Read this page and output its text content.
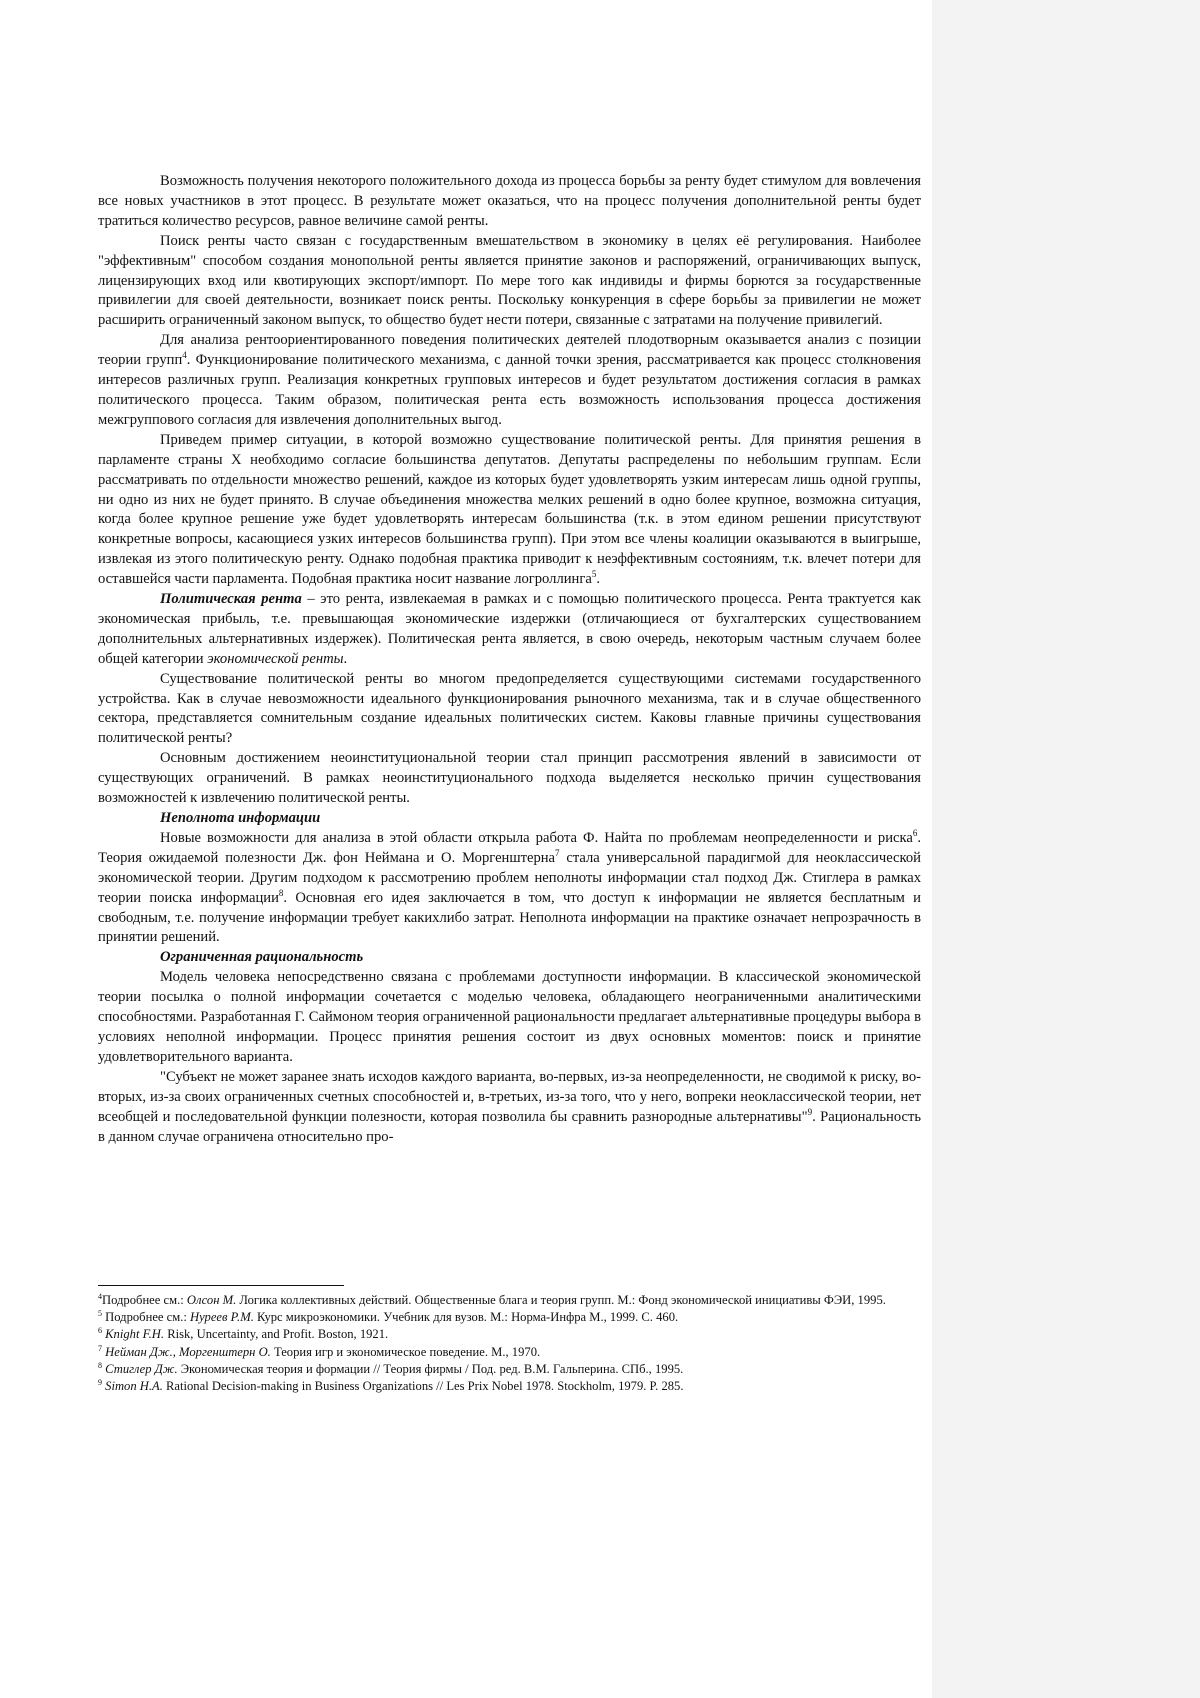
Возможность получения некоторого положительного дохода из процесса борьбы за ренту будет стимулом для вовлечения все новых участников в этот процесс. В результате может оказаться, что на процесс получения дополнительной ренты будет тратиться количество ресурсов, равное величине самой ренты.

Поиск ренты часто связан с государственным вмешательством в экономику в целях её регулирования. Наиболее "эффективным" способом создания монопольной ренты является принятие законов и распоряжений, ограничивающих выпуск, лицензирующих вход или квотирующих экспорт/импорт. По мере того как индивиды и фирмы борются за государственные привилегии для своей деятельности, возникает поиск ренты. Поскольку конкуренция в сфере борьбы за привилегии не может расширить ограниченный законом выпуск, то общество будет нести потери, связанные с затратами на получение привилегий.

Для анализа рентоориентированного поведения политических деятелей плодотворным оказывается анализ с позиции теории групп$^4$. Функционирование политического механизма, с данной точки зрения, рассматривается как процесс столкновения интересов различных групп. Реализация конкретных групповых интересов и будет результатом достижения согласия в рамках политического процесса. Таким образом, политическая рента есть возможность использования процесса достижения межгруппового согласия для извлечения дополнительных выгод.

Приведем пример ситуации, в которой возможно существование политической ренты. Для принятия решения в парламенте страны Х необходимо согласие большинства депутатов. Депутаты распределены по небольшим группам. Если рассматривать по отдельности множество решений, каждое из которых будет удовлетворять узким интересам лишь одной группы, ни одно из них не будет принято. В случае объединения множества мелких решений в одно более крупное, возможна ситуация, когда более крупное решение уже будет удовлетворять интересам большинства (т.к. в этом едином решении присутствуют конкретные вопросы, касающиеся узких интересов большинства групп). При этом все члены коалиции оказываются в выигрыше, извлекая из этого политическую ренту. Однако подобная практика приводит к неэффективным состояниям, т.к. влечет потери для оставшейся части парламента. Подобная практика носит название логроллинга$^5$.

Политическая рента – это рента, извлекаемая в рамках и с помощью политического процесса. Рента трактуется как экономическая прибыль, т.е. превышающая экономические издержки (отличающиеся от бухгалтерских существованием дополнительных альтернативных издержек). Политическая рента является, в свою очередь, некоторым частным случаем более общей категории экономической ренты.

Существование политической ренты во многом предопределяется существующими системами государственного устройства. Как в случае невозможности идеального функционирования рыночного механизма, так и в случае общественного сектора, представляется сомнительным создание идеальных политических систем. Каковы главные причины существования политической ренты?

Основным достижением неоинституциональной теории стал принцип рассмотрения явлений в зависимости от существующих ограничений. В рамках неоинституционального подхода выделяется несколько причин существования возможностей к извлечению политической ренты.

Неполнота информации

Новые возможности для анализа в этой области открыла работа Ф. Найта по проблемам неопределенности и риска$^6$. Теория ожидаемой полезности Дж. фон Неймана и О. Моргенштерна$^7$ стала универсальной парадигмой для неоклассической экономической теории. Другим подходом к рассмотрению проблем неполноты информации стал подход Дж. Стиглера в рамках теории поиска информации$^8$. Основная его идея заключается в том, что доступ к информации не является бесплатным и свободным, т.е. получение информации требует какихлибо затрат. Неполнота информации на практике означает непрозрачность в принятии решений.

Ограниченная рациональность

Модель человека непосредственно связана с проблемами доступности информации. В классической экономической теории посылка о полной информации сочетается с моделью человека, обладающего неограниченными аналитическими способностями. Разработанная Г. Саймоном теория ограниченной рациональности предлагает альтернативные процедуры выбора в условиях неполной информации. Процесс принятия решения состоит из двух основных моментов: поиск и принятие удовлетворительного варианта.

"Субъект не может заранее знать исходов каждого варианта, во-первых, из-за неопределенности, не сводимой к риску, во-вторых, из-за своих ограниченных счетных способностей и, в-третьих, из-за того, что у него, вопреки неоклассической теории, нет всеобщей и последовательной функции полезности, которая позволила бы сравнить разнородные альтернативы"$^9$. Рациональность в данном случае ограничена относительно про-

$^4$Подробнее см.: Олсон М. Логика коллективных действий. Общественные блага и теория групп. М.: Фонд экономической инициативы ФЭИ, 1995.

$^5$ Подробнее см.: Нуреев Р.М. Курс микроэкономики. Учебник для вузов. М.: Норма-Инфра М., 1999. С. 460.

$^6$ Knight F.H. Risk, Uncertainty, and Profit. Boston, 1921.

$^7$ Нейман Дж., Моргенштерн О. Теория игр и экономическое поведение. М., 1970.

$^8$ Стиглер Дж. Экономическая теория и формации // Теория фирмы / Под. ред. В.М. Гальперина. СПб., 1995.

$^9$ Simon H.A. Rational Decision-making in Business Organizations // Les Prix Nobel 1978. Stockholm, 1979. P. 285.
